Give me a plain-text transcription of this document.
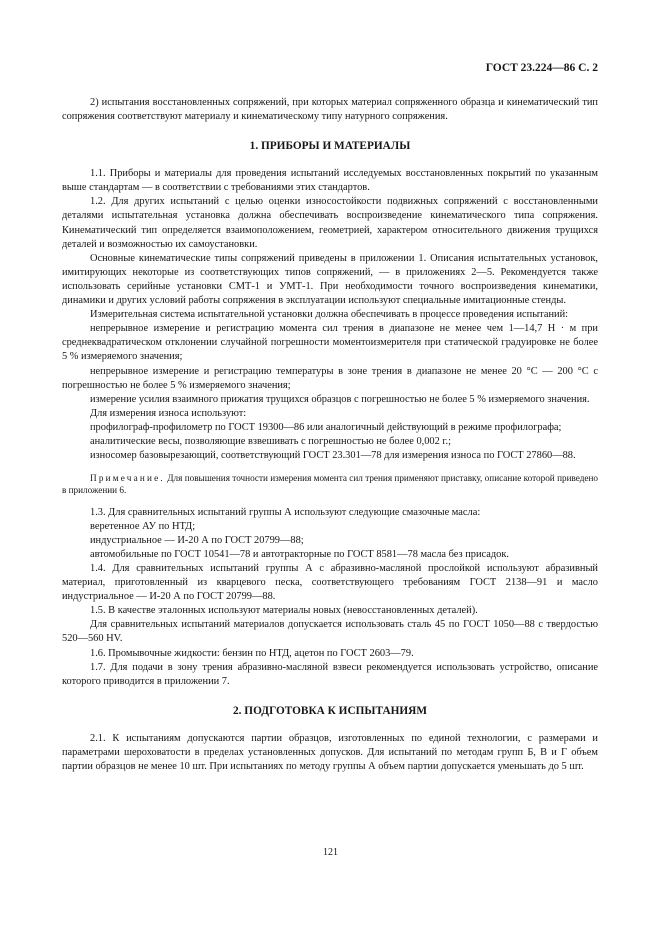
ГОСТ 23.224—86 С. 2

2) испытания восстановленных сопряжений, при которых материал сопряженного образца и кинематический тип сопряжения соответствуют материалу и кинематическому типу натурного сопряжения.

1. ПРИБОРЫ И МАТЕРИАЛЫ

1.1. Приборы и материалы для проведения испытаний исследуемых восстановленных покрытий по указанным выше стандартам — в соответствии с требованиями этих стандартов.

1.2. Для других испытаний с целью оценки износостойкости подвижных сопряжений с восстановленными деталями испытательная установка должна обеспечивать воспроизведение кинематического типа сопряжения. Кинематический тип определяется взаимоположением, геометрией, характером относительного движения трущихся деталей и возможностью их самоустановки.

Основные кинематические типы сопряжений приведены в приложении 1. Описания испытательных установок, имитирующих некоторые из соответствующих типов сопряжений, — в приложениях 2—5. Рекомендуется также использовать серийные установки СМТ-1 и УМТ-1. При необходимости точного воспроизведения кинематики, динамики и других условий работы сопряжения в эксплуатации используют специальные имитационные стенды.

Измерительная система испытательной установки должна обеспечивать в процессе проведения испытаний:

непрерывное измерение и регистрацию момента сил трения в диапазоне не менее чем 1—14,7 Н · м при среднеквадратическом отклонении случайной погрешности моментоизмерителя при статической градуировке не более 5 % измеряемого значения;

непрерывное измерение и регистрацию температуры в зоне трения в диапазоне не менее 20 °С — 200 °С с погрешностью не более 5 % измеряемого значения;

измерение усилия взаимного прижатия трущихся образцов с погрешностью не более 5 % измеряемого значения.

Для измерения износа используют:

профилограф-профилометр по ГОСТ 19300—86 или аналогичный действующий в режиме профилографа;

аналитические весы, позволяющие взвешивать с погрешностью не более 0,002 г.;

износомер базовырезающий, соответствующий ГОСТ 23.301—78 для измерения износа по ГОСТ 27860—88.

Примечание. Для повышения точности измерения момента сил трения применяют приставку, описание которой приведено в приложении 6.

1.3. Для сравнительных испытаний группы А используют следующие смазочные масла:

веретенное АУ по НТД;

индустриальное — И-20 А по ГОСТ 20799—88;

автомобильные по ГОСТ 10541—78 и автотракторные по ГОСТ 8581—78 масла без присадок.

1.4. Для сравнительных испытаний группы А с абразивно-масляной прослойкой используют абразивный материал, приготовленный из кварцевого песка, соответствующего требованиям ГОСТ 2138—91 и масло индустриальное — И-20 А по ГОСТ 20799—88.

1.5. В качестве эталонных используют материалы новых (невосстановленных деталей).

Для сравнительных испытаний материалов допускается использовать сталь 45 по ГОСТ 1050—88 с твердостью 520—560 HV.

1.6. Промывочные жидкости: бензин по НТД, ацетон по ГОСТ 2603—79.

1.7. Для подачи в зону трения абразивно-масляной взвеси рекомендуется использовать устройство, описание которого приводится в приложении 7.

2. ПОДГОТОВКА К ИСПЫТАНИЯМ

2.1. К испытаниям допускаются партии образцов, изготовленных по единой технологии, с размерами и параметрами шероховатости в пределах установленных допусков. Для испытаний по методам групп Б, В и Г объем партии образцов не менее 10 шт. При испытаниях по методу группы А объем партии допускается уменьшать до 5 шт.

121
